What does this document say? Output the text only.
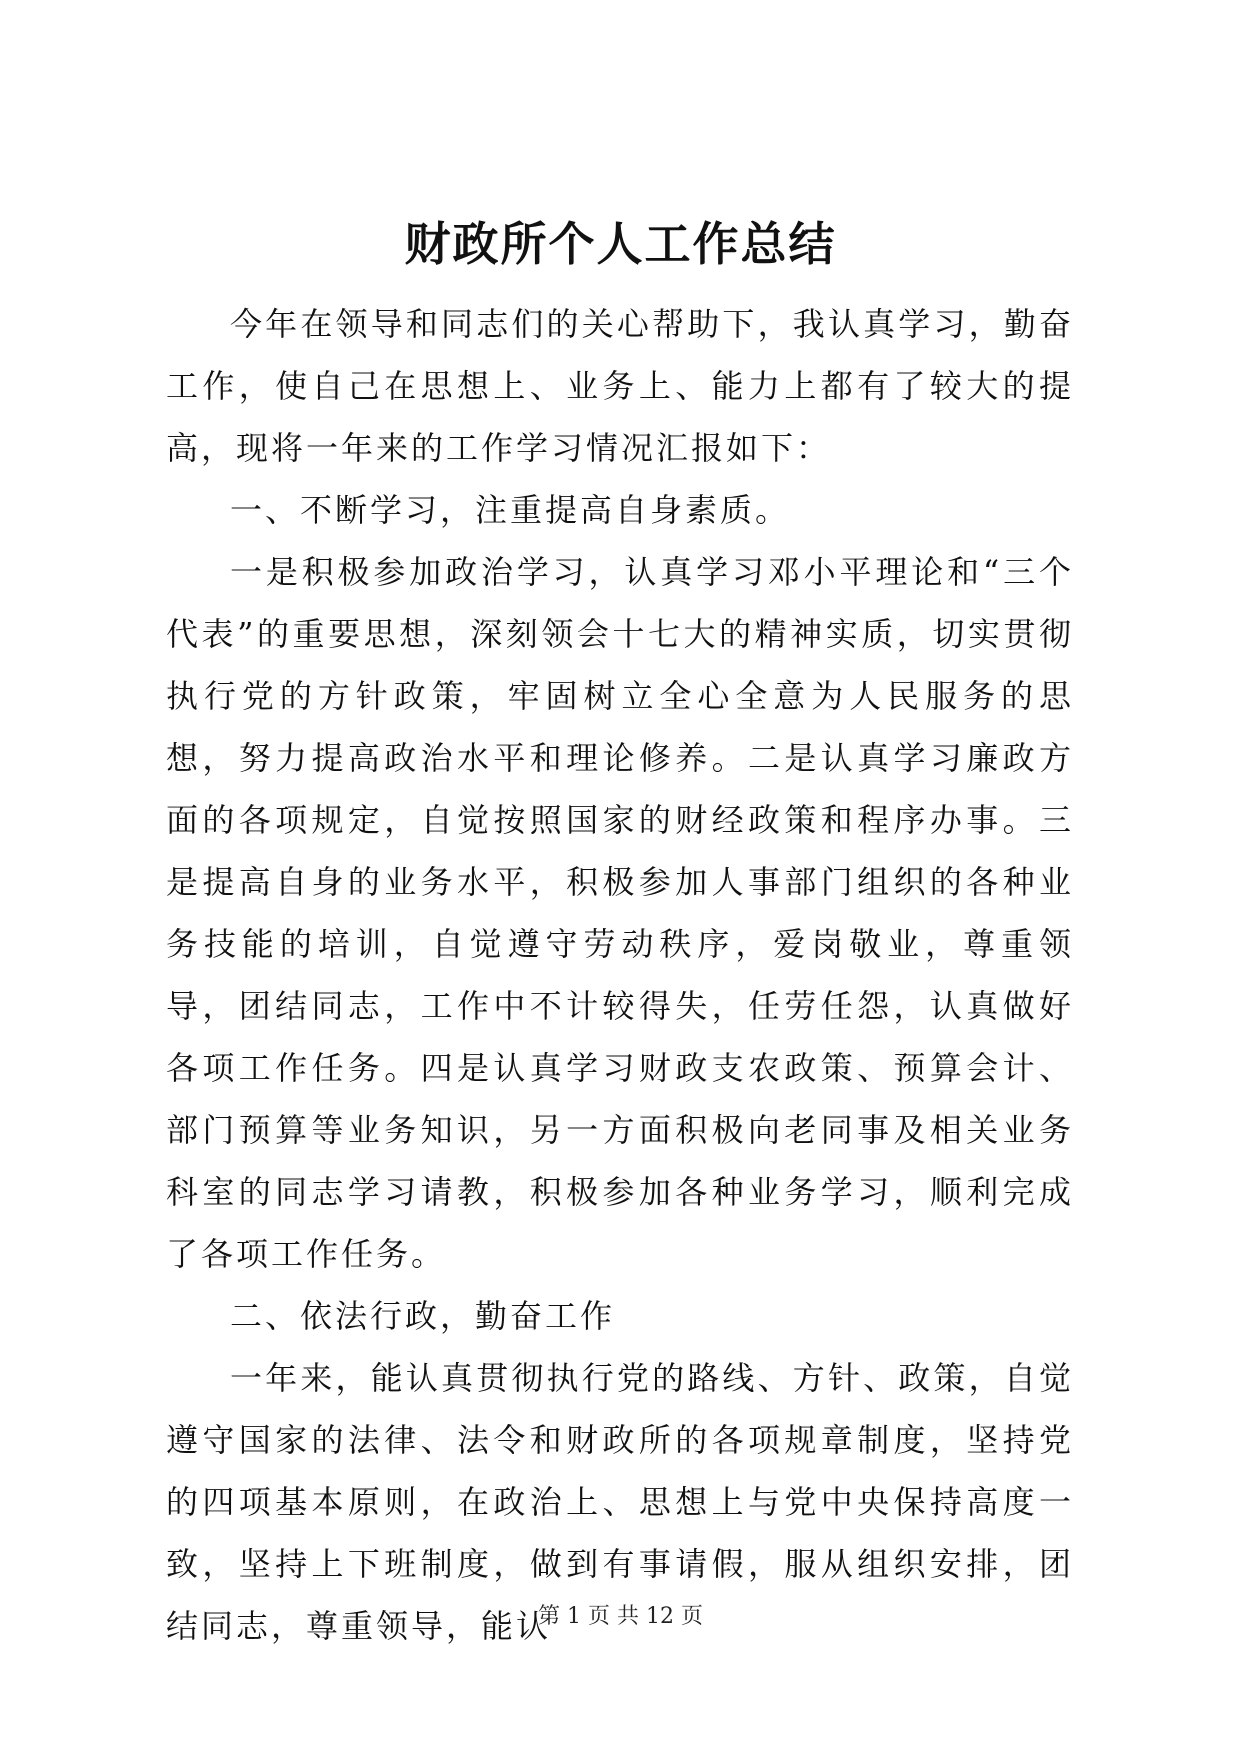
财政所个人工作总结

今年在领导和同志们的关心帮助下，我认真学习，勤奋工作，使自己在思想上、业务上、能力上都有了较大的提高，现将一年来的工作学习情况汇报如下：

一、不断学习，注重提高自身素质。

一是积极参加政治学习，认真学习邓小平理论和“三个代表”的重要思想，深刻领会十七大的精神实质，切实贯彻执行党的方针政策，牢固树立全心全意为人民服务的思想，努力提高政治水平和理论修养。二是认真学习廉政方面的各项规定，自觉按照国家的财经政策和程序办事。三是提高自身的业务水平，积极参加人事部门组织的各种业务技能的培训，自觉遵守劳动秩序，爱岗敬业，尊重领导，团结同志，工作中不计较得失，任劳任怨，认真做好各项工作任务。四是认真学习财政支农政策、预算会计、部门预算等业务知识，另一方面积极向老同事及相关业务科室的同志学习请教，积极参加各种业务学习，顺利完成了各项工作任务。

二、依法行政，勤奋工作

一年来，能认真贯彻执行党的路线、方针、政策，自觉遵守国家的法律、法令和财政所的各项规章制度，坚持党的四项基本原则，在政治上、思想上与党中央保持高度一致，坚持上下班制度，做到有事请假，服从组织安排，团结同志，尊重领导，能认

第 1 页 共 12 页
